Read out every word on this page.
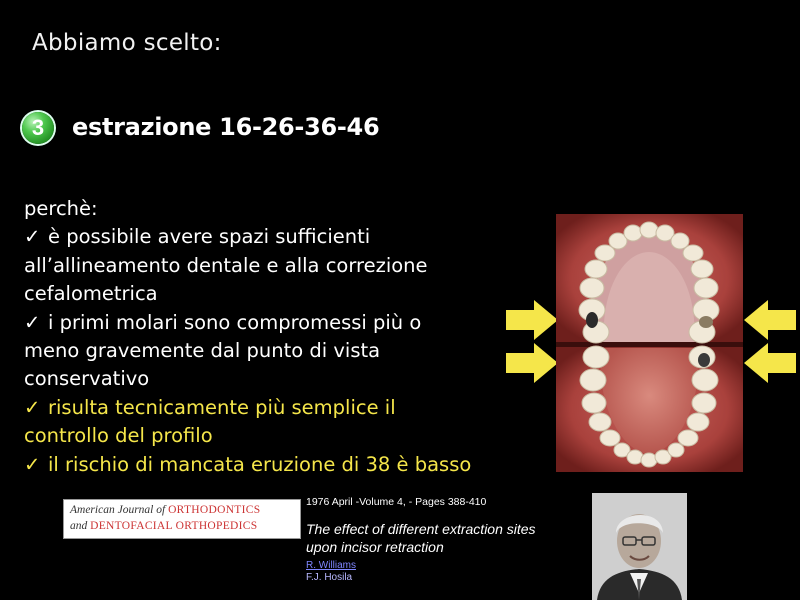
Abbiamo scelto:
3	estrazione 16-26-36-46
perchè:
✓ è possibile avere spazi sufficienti
all’allineamento dentale e alla correzione
cefalometrica
✓ i primi molari sono compromessi più o
meno gravemente dal punto di vista
conservativo
✓ risulta tecnicamente più semplice il
controllo del profilo
✓ il rischio di mancata eruzione di 38 è basso
American Journal of ORTHODONTICS
and DENTOFACIAL ORTHOPEDICS
1976 April -Volume 4, - Pages 388-410
The effect of different extraction sites
upon incisor retraction
R. Williams
F.J. Hosila
